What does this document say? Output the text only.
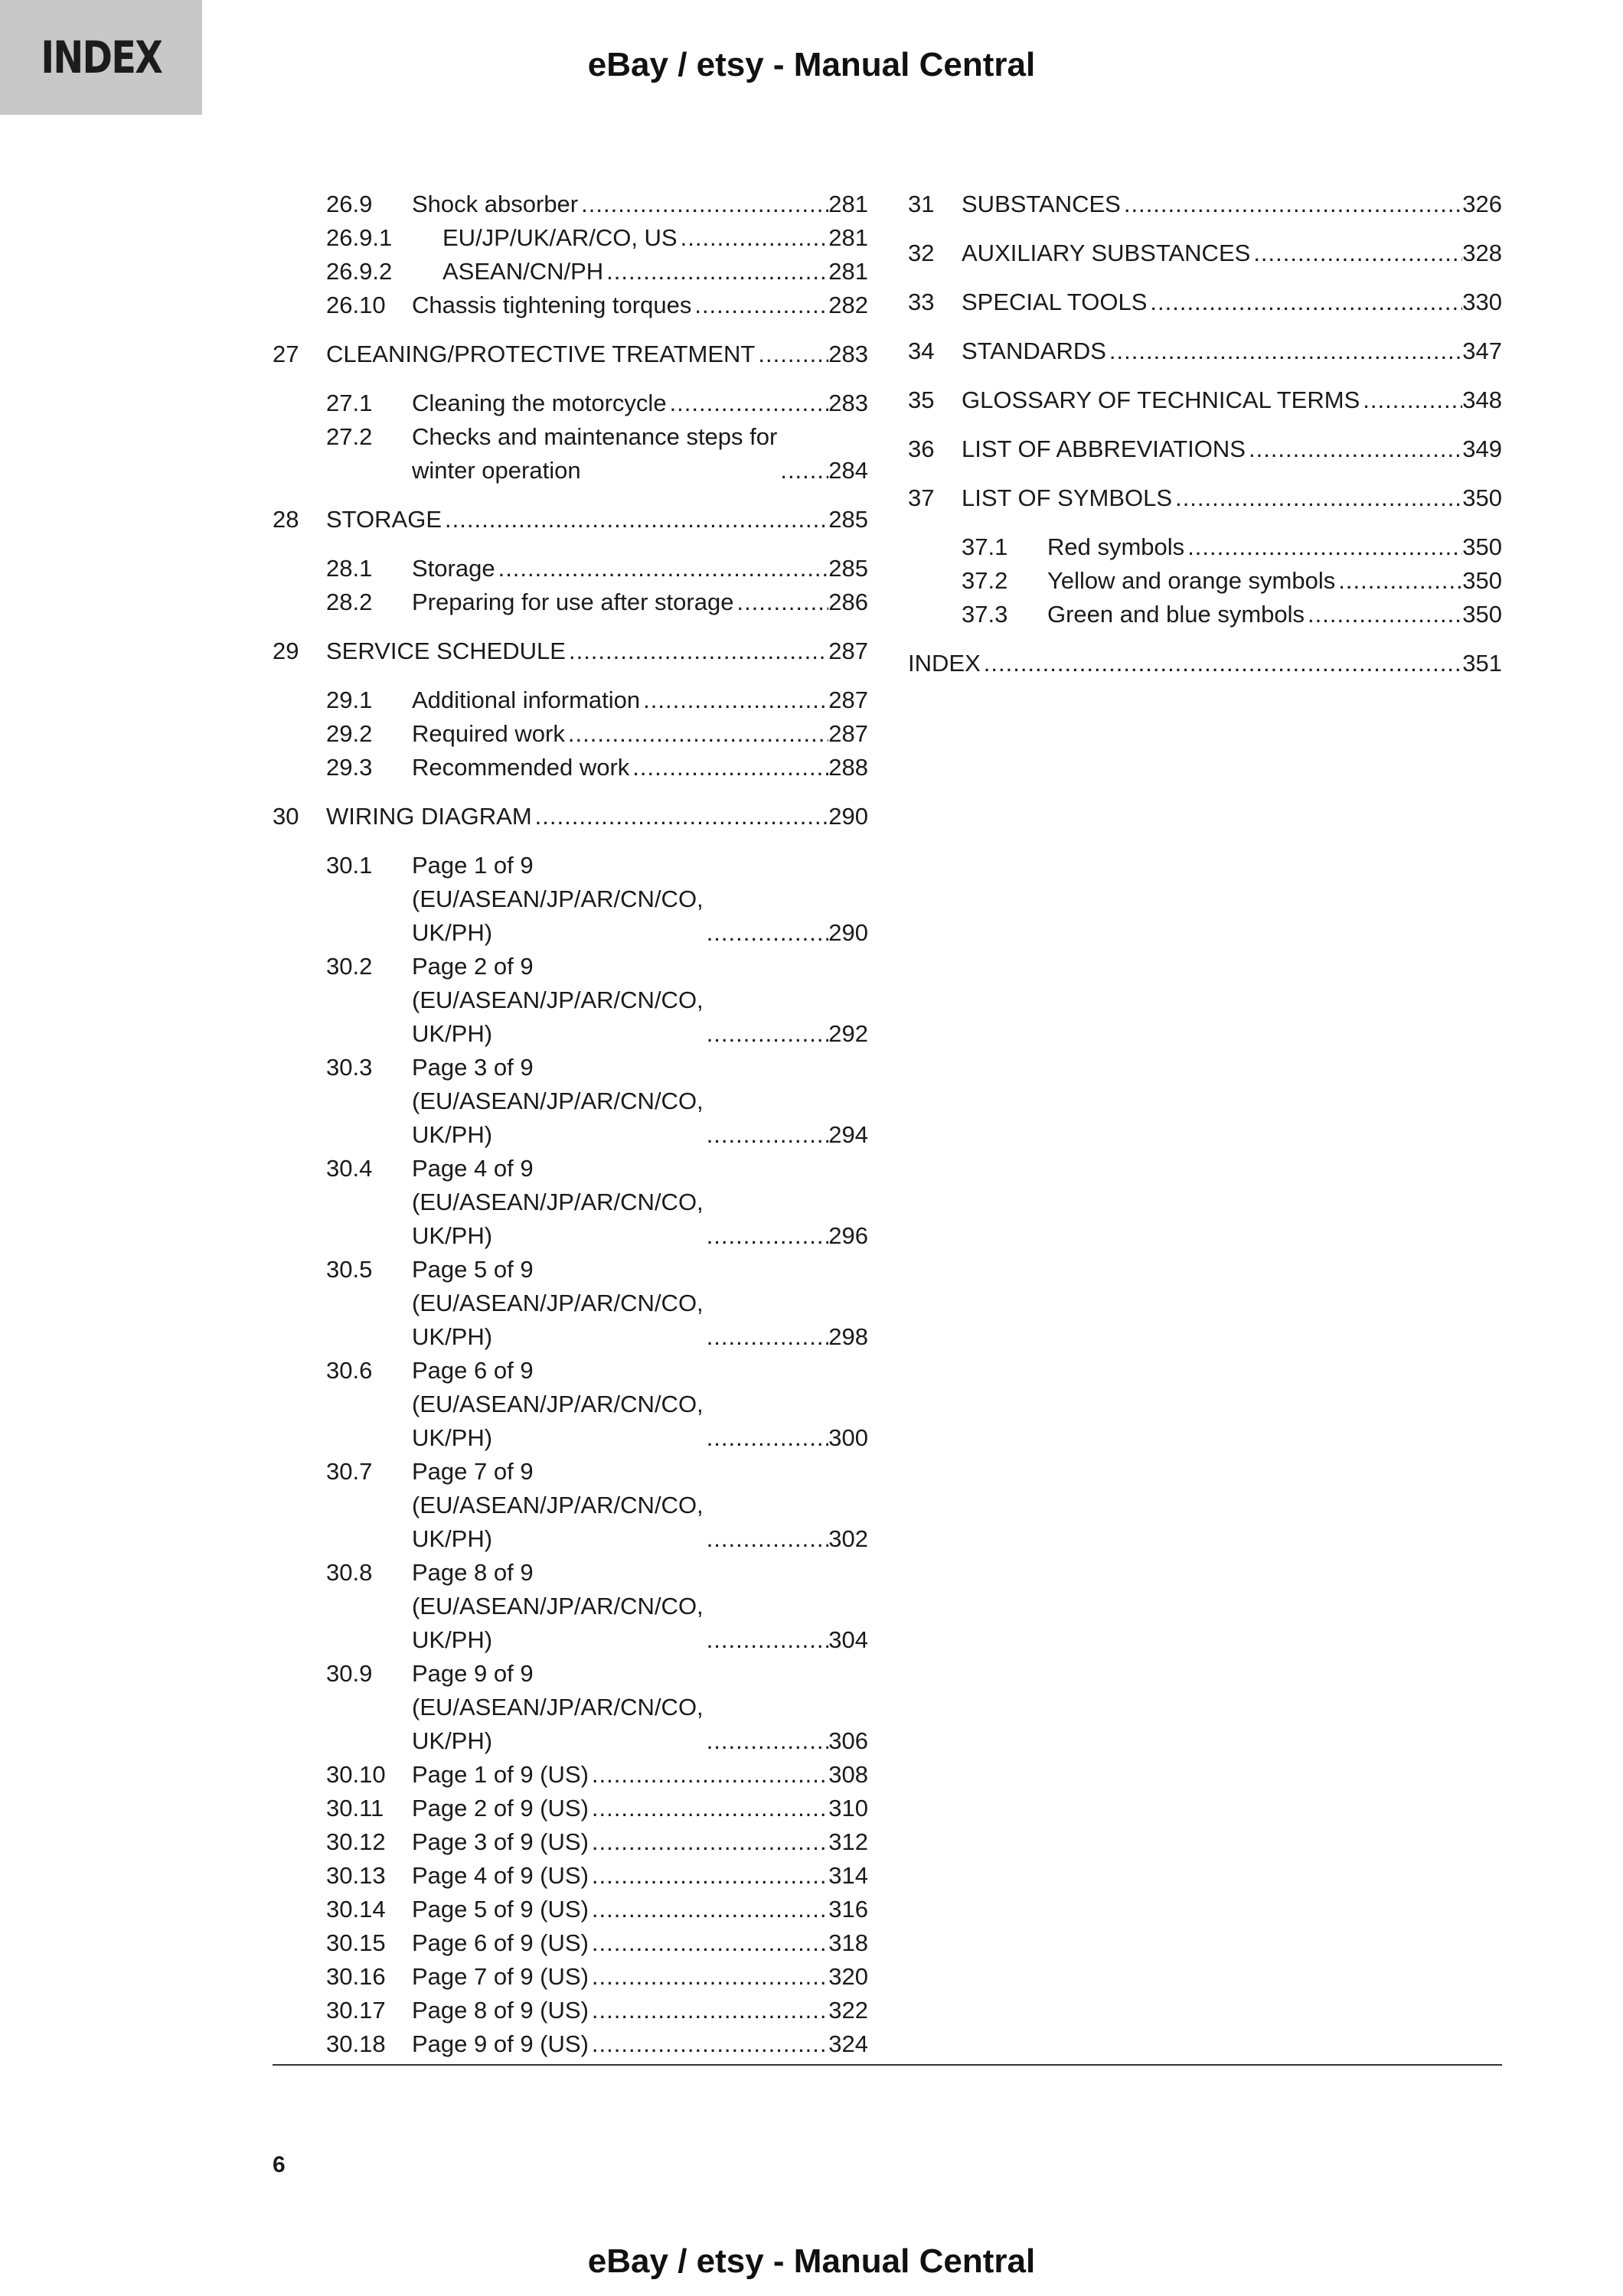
INDEX	eBay / etsy - Manual Central
26.9	Shock absorber .....	281
26.9.1	EU/JP/UK/AR/CO, US .....	281
26.9.2	ASEAN/CN/PH .....	281
26.10	Chassis tightening torques .....	282
27	CLEANING/PROTECTIVE TREATMENT .....	283
27.1	Cleaning the motorcycle .....	283
27.2	Checks and maintenance steps for
winter operation .....	284
28	STORAGE .....	285
28.1	Storage .....	285
28.2	Preparing for use after storage .....	286
29	SERVICE SCHEDULE .....	287
29.1	Additional information .....	287
29.2	Required work .....	287
29.3	Recommended work .....	288
30	WIRING DIAGRAM .....	290
30.1	Page 1 of 9
(EU/ASEAN/JP/AR/CN/CO,
UK/PH) .....	290
30.2	Page 2 of 9
(EU/ASEAN/JP/AR/CN/CO,
UK/PH) .....	292
30.3	Page 3 of 9
(EU/ASEAN/JP/AR/CN/CO,
UK/PH) .....	294
30.4	Page 4 of 9
(EU/ASEAN/JP/AR/CN/CO,
UK/PH) .....	296
30.5	Page 5 of 9
(EU/ASEAN/JP/AR/CN/CO,
UK/PH) .....	298
30.6	Page 6 of 9
(EU/ASEAN/JP/AR/CN/CO,
UK/PH) .....	300
30.7	Page 7 of 9
(EU/ASEAN/JP/AR/CN/CO,
UK/PH) .....	302
30.8	Page 8 of 9
(EU/ASEAN/JP/AR/CN/CO,
UK/PH) .....	304
30.9	Page 9 of 9
(EU/ASEAN/JP/AR/CN/CO,
UK/PH) .....	306
30.10	Page 1 of 9 (US) .....	308
30.11	Page 2 of 9 (US) .....	310
30.12	Page 3 of 9 (US) .....	312
30.13	Page 4 of 9 (US) .....	314
30.14	Page 5 of 9 (US) .....	316
30.15	Page 6 of 9 (US) .....	318
30.16	Page 7 of 9 (US) .....	320
30.17	Page 8 of 9 (US) .....	322
30.18	Page 9 of 9 (US) .....	324
31	SUBSTANCES .....	326
32	AUXILIARY SUBSTANCES .....	328
33	SPECIAL TOOLS .....	330
34	STANDARDS .....	347
35	GLOSSARY OF TECHNICAL TERMS .....	348
36	LIST OF ABBREVIATIONS .....	349
37	LIST OF SYMBOLS .....	350
37.1	Red symbols .....	350
37.2	Yellow and orange symbols .....	350
37.3	Green and blue symbols .....	350
INDEX .....	351
6
eBay / etsy - Manual Central
